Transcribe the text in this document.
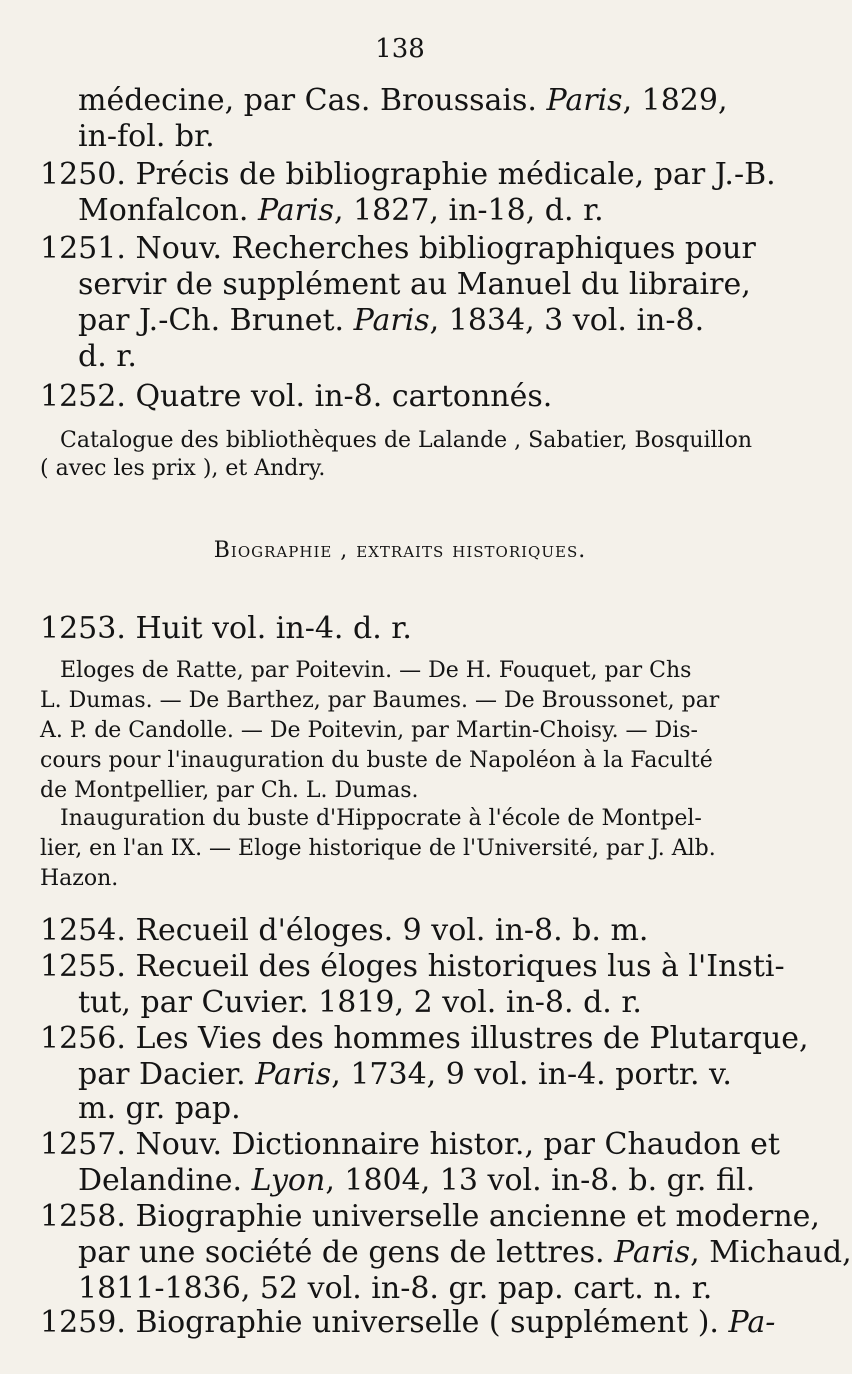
138
médecine, par Cas. Broussais. Paris, 1829,
in-fol. br.
1250. Précis de bibliographie médicale, par J.-B.
Monfalcon. Paris, 1827, in-18, d. r.
1251. Nouv. Recherches bibliographiques pour
servir de supplément au Manuel du libraire,
par J.-Ch. Brunet. Paris, 1834, 3 vol. in-8.
d. r.
1252. Quatre vol. in-8. cartonnés.
Catalogue des bibliothèques de Lalande , Sabatier, Bosquillon
( avec les prix ), et Andry.
Biographie , extraits historiques.
1253. Huit vol. in-4. d. r.
Eloges de Ratte, par Poitevin. — De H. Fouquet, par Chs
L. Dumas. — De Barthez, par Baumes. — De Broussonet, par
A. P. de Candolle. — De Poitevin, par Martin-Choisy. — Dis-
cours pour l'inauguration du buste de Napoléon à la Faculté
de Montpellier, par Ch. L. Dumas.
Inauguration du buste d'Hippocrate à l'école de Montpel-
lier, en l'an IX. — Eloge historique de l'Université, par J. Alb.
Hazon.
1254. Recueil d'éloges. 9 vol. in-8. b. m.
1255. Recueil des éloges historiques lus à l'Insti-
tut, par Cuvier. 1819, 2 vol. in-8. d. r.
1256. Les Vies des hommes illustres de Plutarque,
par Dacier. Paris, 1734, 9 vol. in-4. portr. v.
m. gr. pap.
1257. Nouv. Dictionnaire histor., par Chaudon et
Delandine. Lyon, 1804, 13 vol. in-8. b. gr. fil.
1258. Biographie universelle ancienne et moderne,
par une société de gens de lettres. Paris, Michaud,
1811-1836, 52 vol. in-8. gr. pap. cart. n. r.
1259. Biographie universelle ( supplément ). Pa-
